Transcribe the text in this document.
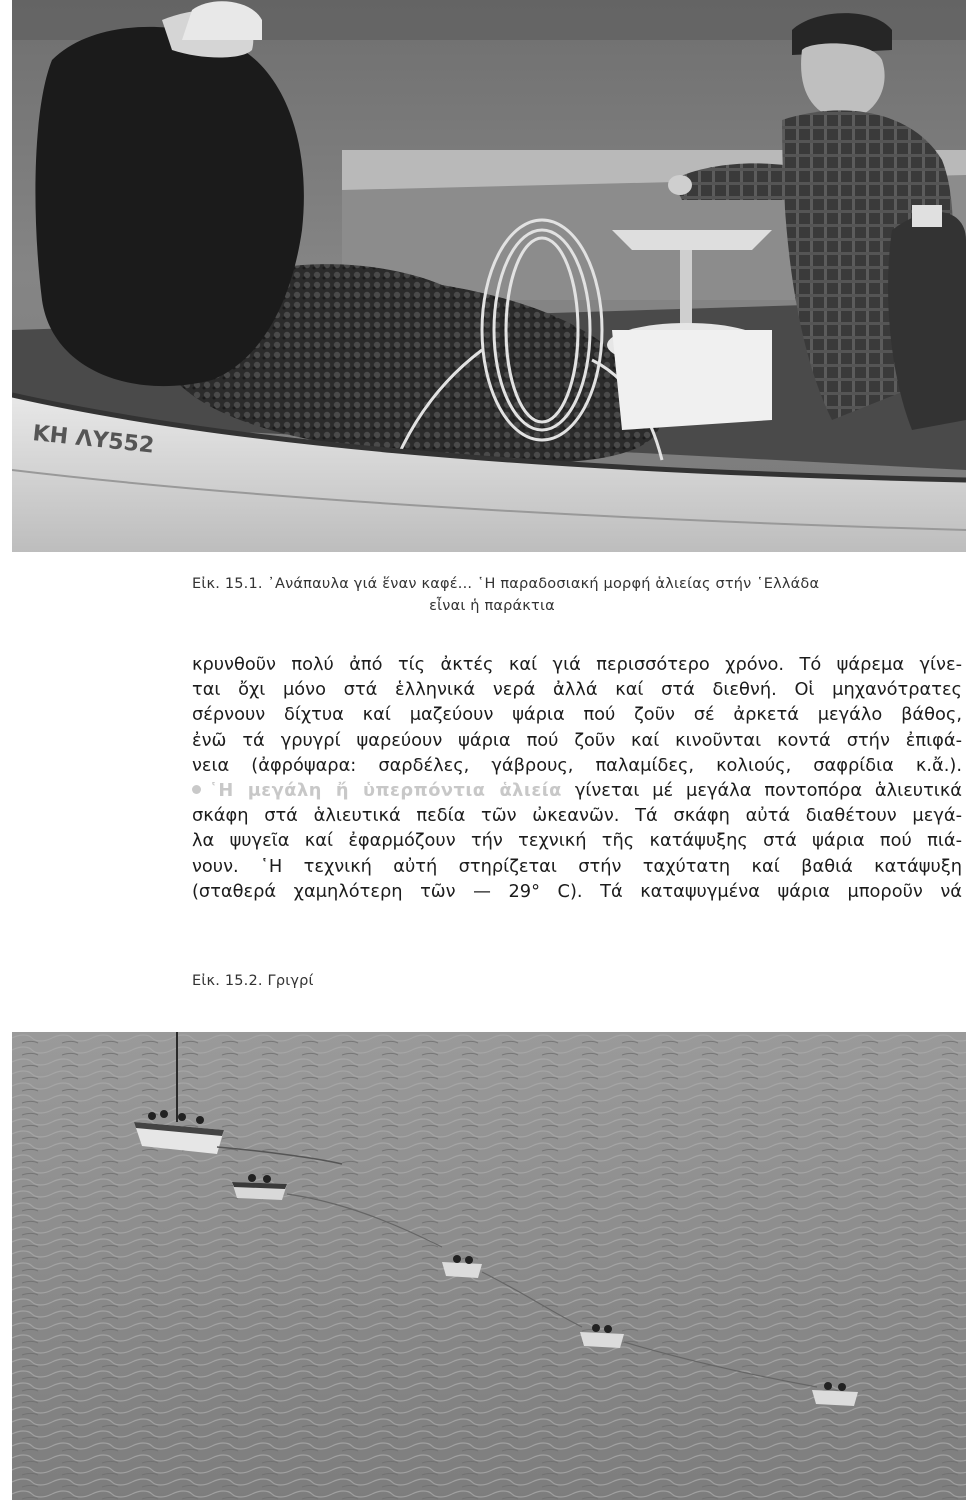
ΚΗ ΛΥ552
Εἰκ. 15.1. ᾿Ανάπαυλα γιά ἕναν καφέ... ῾Η παραδοσιακή μορφή ἁλιείας στήν ῾Ελλάδα
εἶναι ἡ παράκτια
κρυνθοῦν πολύ ἀπό τίς ἀκτές καί γιά περισσότερο χρόνο. Τό ψάρεμα γίνε-
ται ὄχι μόνο στά ἑλληνικά νερά ἀλλά καί στά διεθνή. Οἱ μηχανότρατες
σέρνουν δίχτυα καί μαζεύουν ψάρια πού ζοῦν σέ ἀρκετά μεγάλο βάθος,
ἐνῶ τά γρυγρί ψαρεύουν ψάρια πού ζοῦν καί κινοῦνται κοντά στήν ἐπιφά-
νεια (ἀφρόψαρα: σαρδέλες, γάβρους, παλαμίδες, κολιούς, σαφρίδια κ.ἄ.).
῾Η μεγάλη ἤ ὑπερπόντια ἁλιεία γίνεται μέ μεγάλα ποντοπόρα ἁλιευτικά
σκάφη στά ἁλιευτικά πεδία τῶν ὠκεανῶν. Τά σκάφη αὐτά διαθέτουν μεγά-
λα ψυγεῖα καί ἐφαρμόζουν τήν τεχνική τῆς κατάψυξης στά ψάρια πού πιά-
νουν. ῾Η τεχνική αὐτή στηρίζεται στήν ταχύτατη καί βαθιά κατάψυξη
(σταθερά χαμηλότερη τῶν — 29° C). Τά καταψυγμένα ψάρια μποροῦν νά
Εἰκ. 15.2. Γριγρί
